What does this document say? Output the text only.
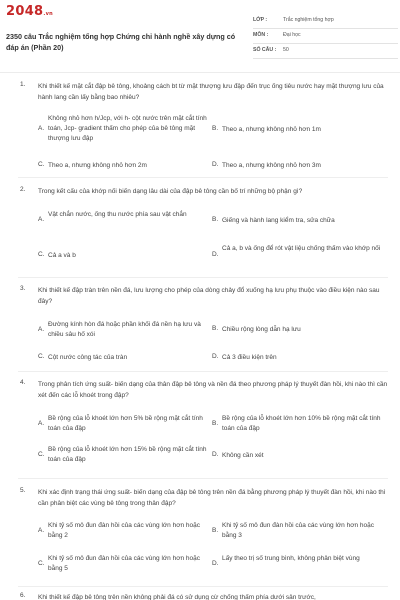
2048.vn
2350 câu Trắc nghiệm tổng hợp Chứng chỉ hành nghề xây dựng có đáp án (Phần 20)
LỚP :	Trắc nghiệm tổng hợp
MÔN :	Đại học
SỐ CÂU : 50
1. Khi thiết kế mặt cắt đập bê tông, khoảng cách bt từ mặt thượng lưu đập đến trục ống tiêu nước hay mặt thượng lưu của hành lang cần lấy bằng bao nhiêu?
A.
Không nhỏ hơn h/Jcp, với h- cột nước trên mặt cắt tính toán, Jcp- gradient thấm cho phép của bê tông mặt thượng lưu đập
B. Theo a, nhưng không nhỏ hơn 1m
C. Theo a, nhưng không nhỏ hơn 2m	D. Theo a, nhưng không nhỏ hơn 3m
2. Trong kết cấu của khớp nối biến dạng lâu dài của đập bê tông cần bố trí những bộ phận gì?
A.
Vật chắn nước, ống thu nước phía sau vật chắn
B. Giếng và hành lang kiểm tra, sửa chữa
C. Cả a và b	D.
Cả a, b và ống để rót vật liệu chống thấm vào khớp nối
3. Khi thiết kế đập tràn trên nền đá, lưu lượng cho phép của dòng chảy đổ xuống hạ lưu phụ thuộc vào điều kiện nào sau đây?
A.
Đường kính hòn đá hoặc phần khối đá nền hạ lưu và chiều sâu hố xói
B. Chiều rộng lòng dẫn hạ lưu
C. Cột nước công tác của tràn	D. Cả 3 điều kiện trên
4. Trong phân tích ứng suất- biến dạng của thân đập bê tông và nền đá theo phương pháp lý thuyết đàn hồi, khi nào thì cần xét đến các lỗ khoét trong đập?
A.
Bề rộng của lỗ khoét lớn hơn 5% bề rộng mặt cắt tính toán của đập
B.
Bề rộng của lỗ khoét lớn hơn 10% bề rộng mặt cắt tính toán của đập
C.
Bề rộng của lỗ khoét lớn hơn 15% bề rộng mặt cắt tính toán của đập
D. Không cần xét
5. Khi xác định trạng thái ứng suất- biến dạng của đập bê tông trên nền đá bằng phương pháp lý thuyết đàn hồi, khi nào thì cần phân biệt các vùng bê tông trong thân đập?
A.
Khi tỷ số mô đun đàn hồi của các vùng lớn hơn hoặc bằng 2
B.
Khi tỷ số mô đun đàn hồi của các vùng lớn hơn hoặc bằng 3
C.
Khi tỷ số mô đun đàn hồi của các vùng lớn hơn hoặc bằng 5
D.
Lấy theo trị số trung bình, không phân biệt vùng
6. Khi thiết kế đập bê tông trên nền không phải đá có sử dụng cừ chống thấm phía dưới sân trước,
